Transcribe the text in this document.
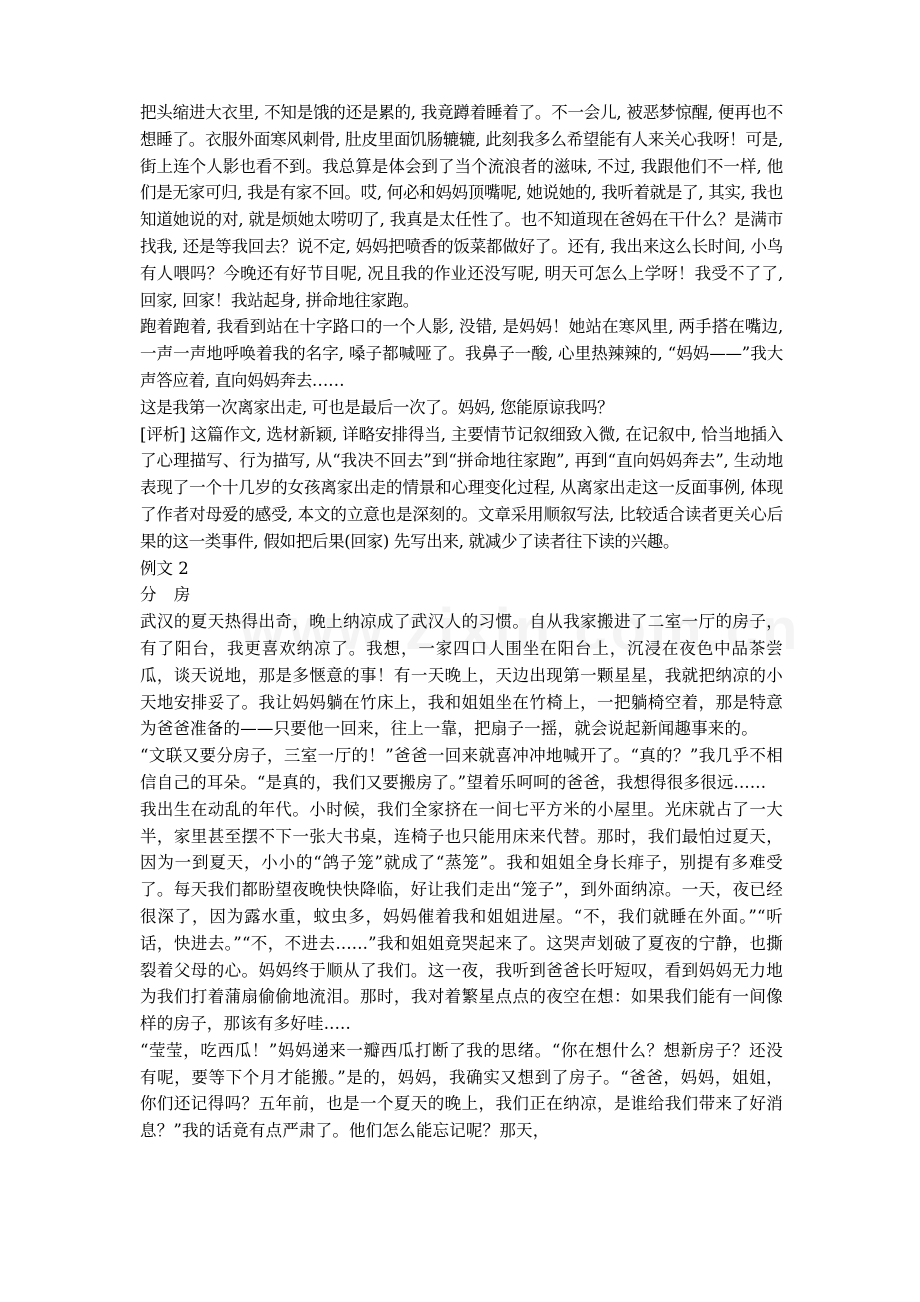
把头缩进大衣里, 不知是饿的还是累的, 我竟蹲着睡着了。不一会儿, 被恶梦惊醒, 便再也不想睡了。衣服外面寒风刺骨, 肚皮里面饥肠辘辘, 此刻我多么希望能有人来关心我呀！可是, 街上连个人影也看不到。我总算是体会到了当个流浪者的滋味, 不过, 我跟他们不一样, 他们是无家可归, 我是有家不回。哎, 何必和妈妈顶嘴呢, 她说她的, 我听着就是了, 其实, 我也知道她说的对, 就是烦她太唠叨了, 我真是太任性了。也不知道现在爸妈在干什么？是满市找我, 还是等我回去？说不定, 妈妈把喷香的饭菜都做好了。还有, 我出来这么长时间, 小鸟有人喂吗？今晚还有好节目呢, 况且我的作业还没写呢, 明天可怎么上学呀！我受不了了, 回家, 回家！我站起身, 拼命地往家跑。

跑着跑着, 我看到站在十字路口的一个人影, 没错, 是妈妈！她站在寒风里, 两手搭在嘴边, 一声一声地呼唤着我的名字, 嗓子都喊哑了。我鼻子一酸, 心里热辣辣的, “妈妈——”我大声答应着, 直向妈妈奔去……

这是我第一次离家出走, 可也是最后一次了。妈妈, 您能原谅我吗？

[评析] 这篇作文, 选材新颖, 详略安排得当, 主要情节记叙细致入微, 在记叙中, 恰当地插入了心理描写、行为描写, 从“我决不回去”到“拼命地往家跑”, 再到“直向妈妈奔去”, 生动地表现了一个十几岁的女孩离家出走的情景和心理变化过程, 从离家出走这一反面事例, 体现了作者对母爱的感受, 本文的立意也是深刻的。文章采用顺叙写法, 比较适合读者更关心后果的这一类事件, 假如把后果(回家) 先写出来, 就减少了读者往下读的兴趣。

例文 2

分 房

武汉的夏天热得出奇，晚上纳凉成了武汉人的习惯。自从我家搬进了二室一厅的房子，有了阳台，我更喜欢纳凉了。我想，一家四口人围坐在阳台上，沉浸在夜色中品茶尝瓜，谈天说地，那是多惬意的事！有一天晚上，天边出现第一颗星星，我就把纳凉的小天地安排妥了。我让妈妈躺在竹床上，我和姐姐坐在竹椅上，一把躺椅空着，那是特意为爸爸准备的——只要他一回来，往上一靠，把扇子一摇，就会说起新闻趣事来的。

“文联又要分房子，三室一厅的！”爸爸一回来就喜冲冲地喊开了。“真的？”我几乎不相信自己的耳朵。“是真的，我们又要搬房了。”望着乐呵呵的爸爸，我想得很多很远......

我出生在动乱的年代。小时候，我们全家挤在一间七平方米的小屋里。光床就占了一大半，家里甚至摆不下一张大书桌，连椅子也只能用床来代替。那时，我们最怕过夏天，因为一到夏天，小小的“鸽子笼”就成了“蒸笼”。我和姐姐全身长痱子，别提有多难受了。每天我们都盼望夜晚快快降临，好让我们走出“笼子”，到外面纳凉。一天，夜已经很深了，因为露水重，蚊虫多，妈妈催着我和姐姐进屋。“不，我们就睡在外面。”“听话，快进去。”“不，不进去......”我和姐姐竟哭起来了。这哭声划破了夏夜的宁静，也撕裂着父母的心。妈妈终于顺从了我们。这一夜，我听到爸爸长吁短叹，看到妈妈无力地为我们打着蒲扇偷偷地流泪。那时，我对着繁星点点的夜空在想：如果我们能有一间像样的房子，那该有多好哇.....

“莹莹，吃西瓜！”妈妈递来一瓣西瓜打断了我的思绪。“你在想什么？想新房子？还没有呢，要等下个月才能搬。”是的，妈妈，我确实又想到了房子。“爸爸，妈妈，姐姐，你们还记得吗？五年前，也是一个夏天的晚上，我们正在纳凉，是谁给我们带来了好消息？”我的话竟有点严肃了。他们怎么能忘记呢？那天，
